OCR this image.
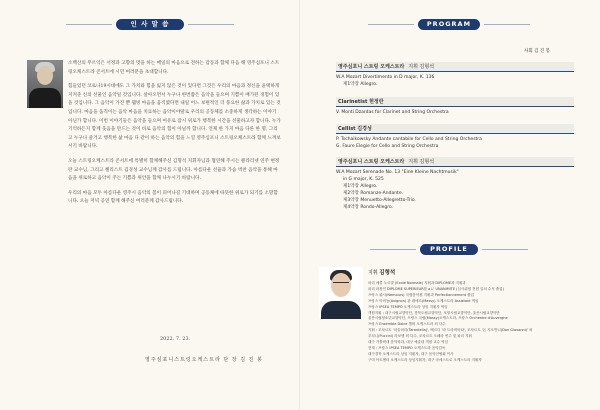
인 사 말 씀

소백산의 무르익은 서정과 고향의 멋을 하는 매일의 마음으로 전하는 감동과 함께 다음 해 영주심포니 스트링오케스트라 콘서트에 시민 여러분을 초대합니다.

힘들었던 코로나19시대에도 그 가치와 힘을 잃지 않은 것이 있다면 그것은 우리의 마음과 정신을 윤택하게 지켜준 신의 선물인 음악일 것입니다. 살아오면서 누구나 한번쯤은 음악을 들으며 기쁨이 배가된 경험이 있을 것입니다. 그 음악이 가진 뿐 웰빙 마음을 움직였다면 내일 어느 보편적인 더 풍요한 삶과 가치로 있는 것입니다. 마음을 움직이는 음악 마음을 치료하는 음악이야말로 우리의 공동체를 소중하게 생각하는 이야기 아닌가 합니다. 이번 이야기들은 음악을 들으며 여유로 잠시 위로가 행복한 시간을 선물하고자 합니다. 누가 기억하든지 함께 웃음을 만드는 것이 바로 음악의 힘이 아닐까 합니다. 언제 한 가지 마음 다른 한 명, 그리고 누구나 즐거고 행복한 삶 마음 다 같이 하는 음악의 힘을 느낄 영주심포니 스트링오케스트라 함께 느껴보시기 바랍니다.

오늘 스트링오케스트라 콘서트에 특별히 함께해주신 김형석 지휘자님과 협연해 주시는 클라리넷 연주 현정란 교수님, 그리고 첼리스트 김경성 교수님께 감사를 드립니다. 아름다운 선율과 가슴 벅찬 음악을 통해 마음을 위로하고 음악이 주는 기쁨과 위안을 함께 나누시기 바랍니다.

우리의 마음 모두 아름다운 영주시 음악의 봄이 피어나길 기대하며 공동체에 따뜻한 위로가 되기를 소망합니다. 오늘 저녁 공연 함께 해주신 여러분께 감사드립니다.

2022. 7. 23.
영주심포니스트링오케스트라 단 장 김 진 봉
PROGRAM
사회 김 진 봉
영주심포니 스트링 오케스트라 지휘 김형석
W.A Mozart Divertimento in D major, K. 136
제1악장 Allegro.
Clarinetist 현정란
V. Monti Dzardas for Clarinet and String Orchestra
Cellist 김경성
P. Tschaikowsky Andante cantabile for Cello and String Orchestra
G. Faure Elegie for Cello and String Orchestra
영주심포니 스트링 오케스트라 지휘 김형석
W.A Mozart Serenade No. 13 "Eine Kleine Nachtmusik"
in G major, K. 525
제1악장 Allegro.
제2악장 Romanze-Andante.
제3악장 Menuetto-Allegretto-Trio.
제4악장 Rondo-Allegro.
PROFILE
지휘 김형석
파리 에콜 노르말 (Ecole Normale) 지휘과 DIPLOME과 지휘과
파리 파장인 DIPLOME SUPERIEUR를 a L' UNANIMITE (심사위원 전원 일치 수석 졸업)
프랑스 뤼시(Nemours) 국립음악원 지휘과 Perfectionnement 졸업
프랑스 아비뇽(Avignon) 관 데에르(Massy) 오케스트라 Assistant 역임
프랑스 IPSEA TEMPO 오케스트라 상임 지휘자 역임
객원지휘 : 대구시립교향악단, 경북도립교향악단, 포항시립교향악단, 울산시립교향악단
울산시립청소년교향악단, 프랑스 국립(Massy)오케스트라, 프랑스 Orchestre d'Auvergne
프랑스 Ensemble Dolce 챔버 오케스트라 외 다수
지휘 : 모차르트 '마술피리(Tarantella)', 베르디 '라 트라비아타', 모차르트 '돈 지오반니(Don Giovanni)' 외
푸치니(Puccini) 라보엠 외 다수, 모차르트 오페라 연주 및 파리 지휘
대구 가톨릭대 음악학과, 대구 예술대 객원 교수 역임
현재 : 프랑스 IPSEA TEMPO 오케스트라 음악감독
대구경북 오케스트라 상임 지휘자, 대구 음악인협회 이사
구미 아트센터 오케스트라 상임지휘자, 대구 마에스트로 오케스트라 지휘자
